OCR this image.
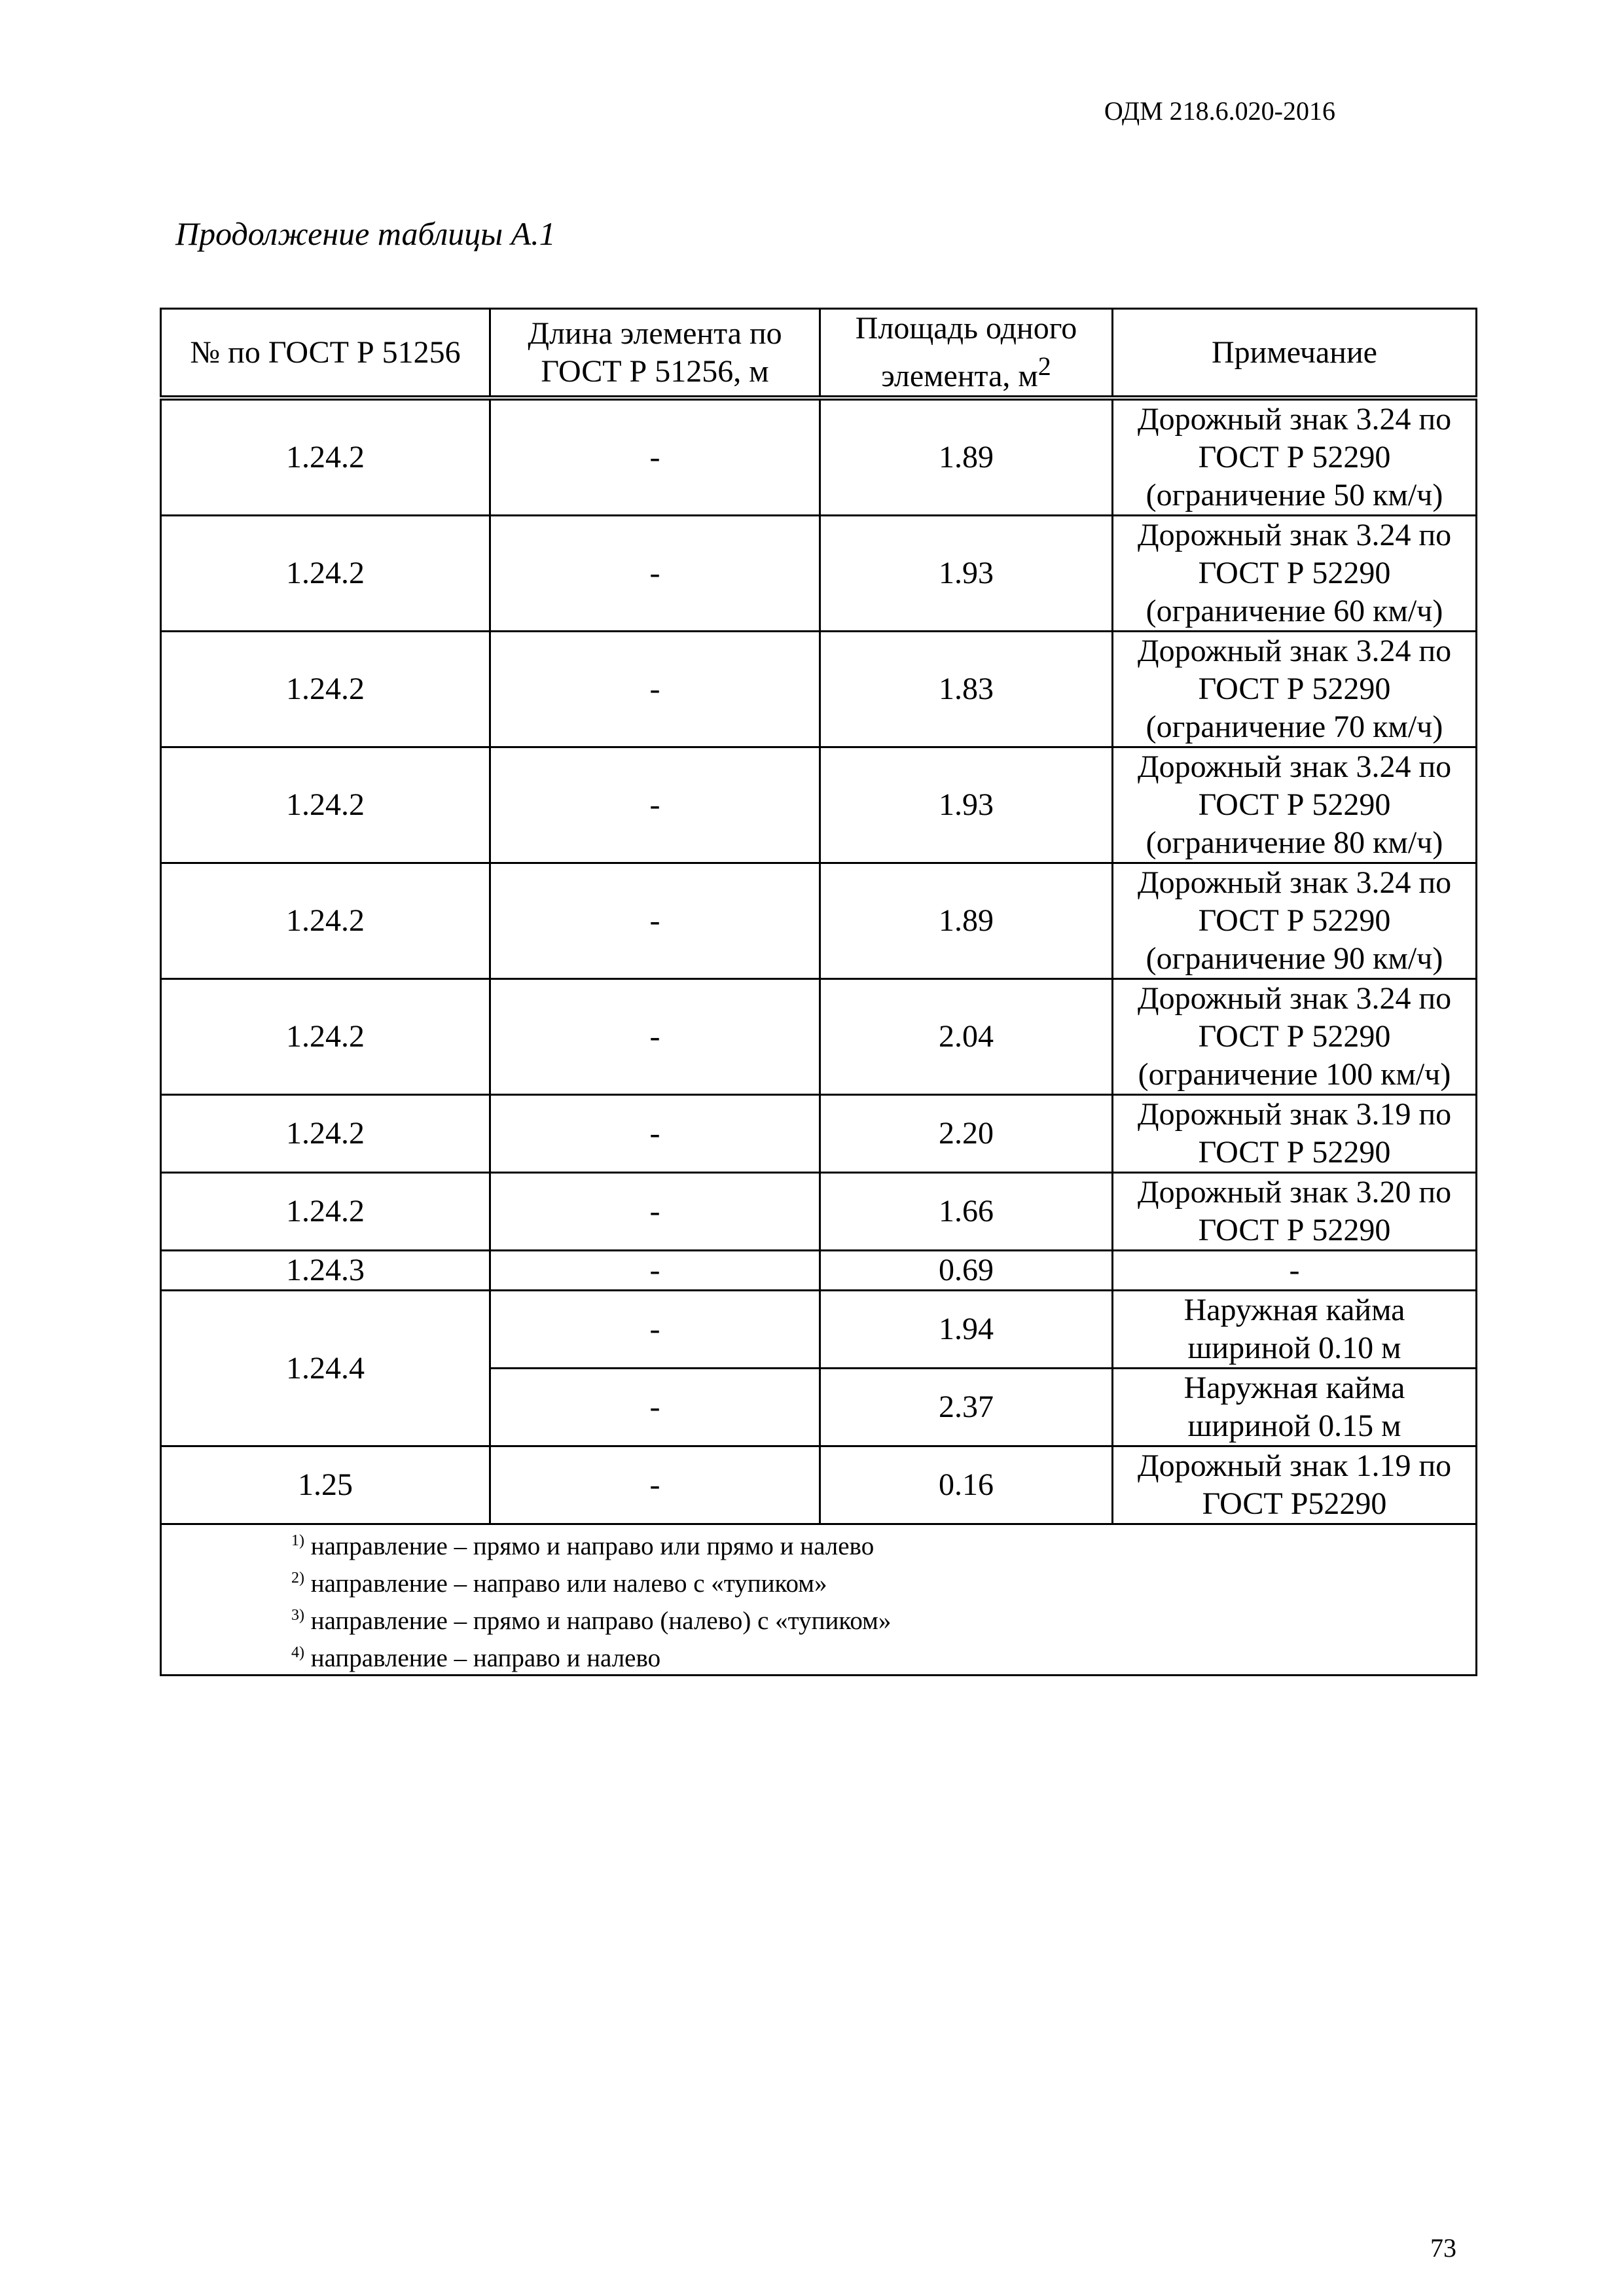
ОДМ 218.6.020-2016
Продолжение таблицы А.1
№ по ГОСТ Р 51256	Длина элемента по ГОСТ Р 51256, м	Площадь одного элемента, $м^2$	Примечание
1.24.2	-	1.89	Дорожный знак 3.24 по
ГОСТ Р 52290
(ограничение 50 км/ч)

1.24.2	-	1.93	Дорожный знак 3.24 по
ГОСТ Р 52290
(ограничение 60 км/ч)

1.24.2	-	1.83	Дорожный знак 3.24 по
ГОСТ Р 52290
(ограничение 70 км/ч)

1.24.2	-	1.93	Дорожный знак 3.24 по
ГОСТ Р 52290
(ограничение 80 км/ч)

1.24.2	-	1.89	Дорожный знак 3.24 по
ГОСТ Р 52290
(ограничение 90 км/ч)

1.24.2	-	2.04	Дорожный знак 3.24 по
ГОСТ Р 52290
(ограничение 100 км/ч)

1.24.2	-	2.20	Дорожный знак 3.19 по
ГОСТ Р 52290

1.24.2	-	1.66	Дорожный знак 3.20 по
ГОСТ Р 52290

1.24.3	-	0.69	-

1.24.4	-	1.94	Наружная кайма
шириной 0.10 м

	-	2.37	Наружная кайма
шириной 0.15 м

1.25	-	0.16	Дорожный знак 1.19 по
ГОСТ Р52290

$^{1)}$ направление – прямо и направо или прямо и налево
$^{2)}$ направление – направо или налево с «тупиком»
$^{3)}$ направление – прямо и направо (налево) с «тупиком»
$^{4)}$ направление – направо и налево			
73
